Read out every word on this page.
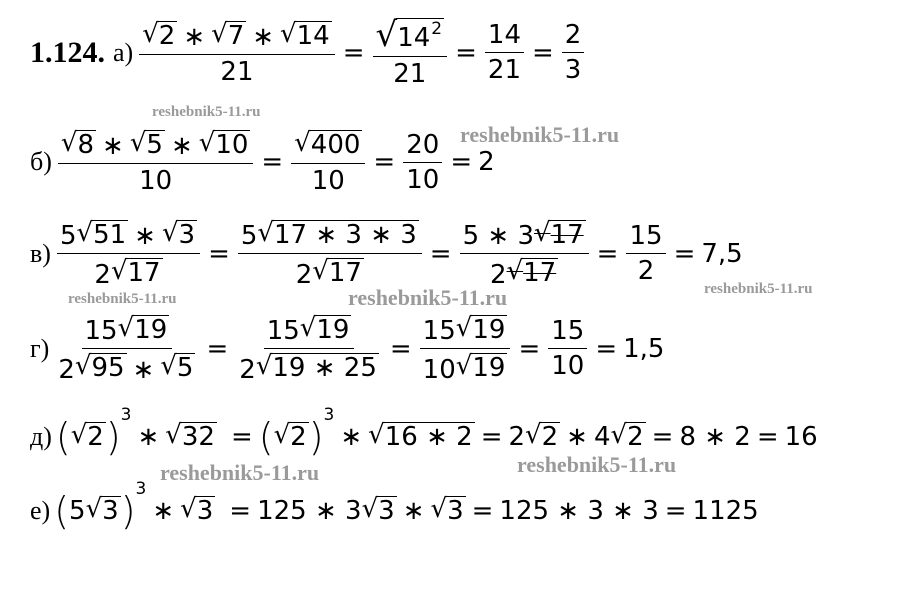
1.124. $а) \frac{√ 2 ∗ √ 7 ∗ √ 14}{21} = \frac{√ 14^2}{21} = \frac{14}{21} = \frac{2}{3}$
$б) \frac{√ 8 ∗ √ 5 ∗ √ 10}{10} = \frac{√ 400}{10} = \frac{20}{10} = 2$
$в) \frac{5 √ 51 ∗ √ 3}{2 √ 17} = \frac{5 √ 17 ∗ 3 ∗ 3}{2 √ 17} = \frac{5 ∗ 3 √ 17}{2 √ 17} = \frac{15}{2} = 7,5$
$г) \frac{15 √ 19}{2 √ 95 ∗ √ 5} = \frac{15 √ 19}{2 √ 19 ∗ 25} = \frac{15 √ 19}{10 √ 19} = \frac{15}{10} = 1,5$
д) ( √ 2 )
3
∗ √ 32 = ( √ 2 )
3
∗ √ 16 ∗ 2 = 2 √ 2 ∗ 4 √ 2 = 8 ∗ 2 = 16
е) ( 5 √ 3 )
3
∗ √ 3 = 125 ∗ 3 √ 3 ∗ √ 3 = 125 ∗ 3 ∗ 3 = 1125
reshebnik5-11.ru
reshebnik5-11.ru
reshebnik5-11.ru	reshebnik5-11.ru	reshebnik5-11.ru
reshebnik5-11.ru	reshebnik5-11.ru
